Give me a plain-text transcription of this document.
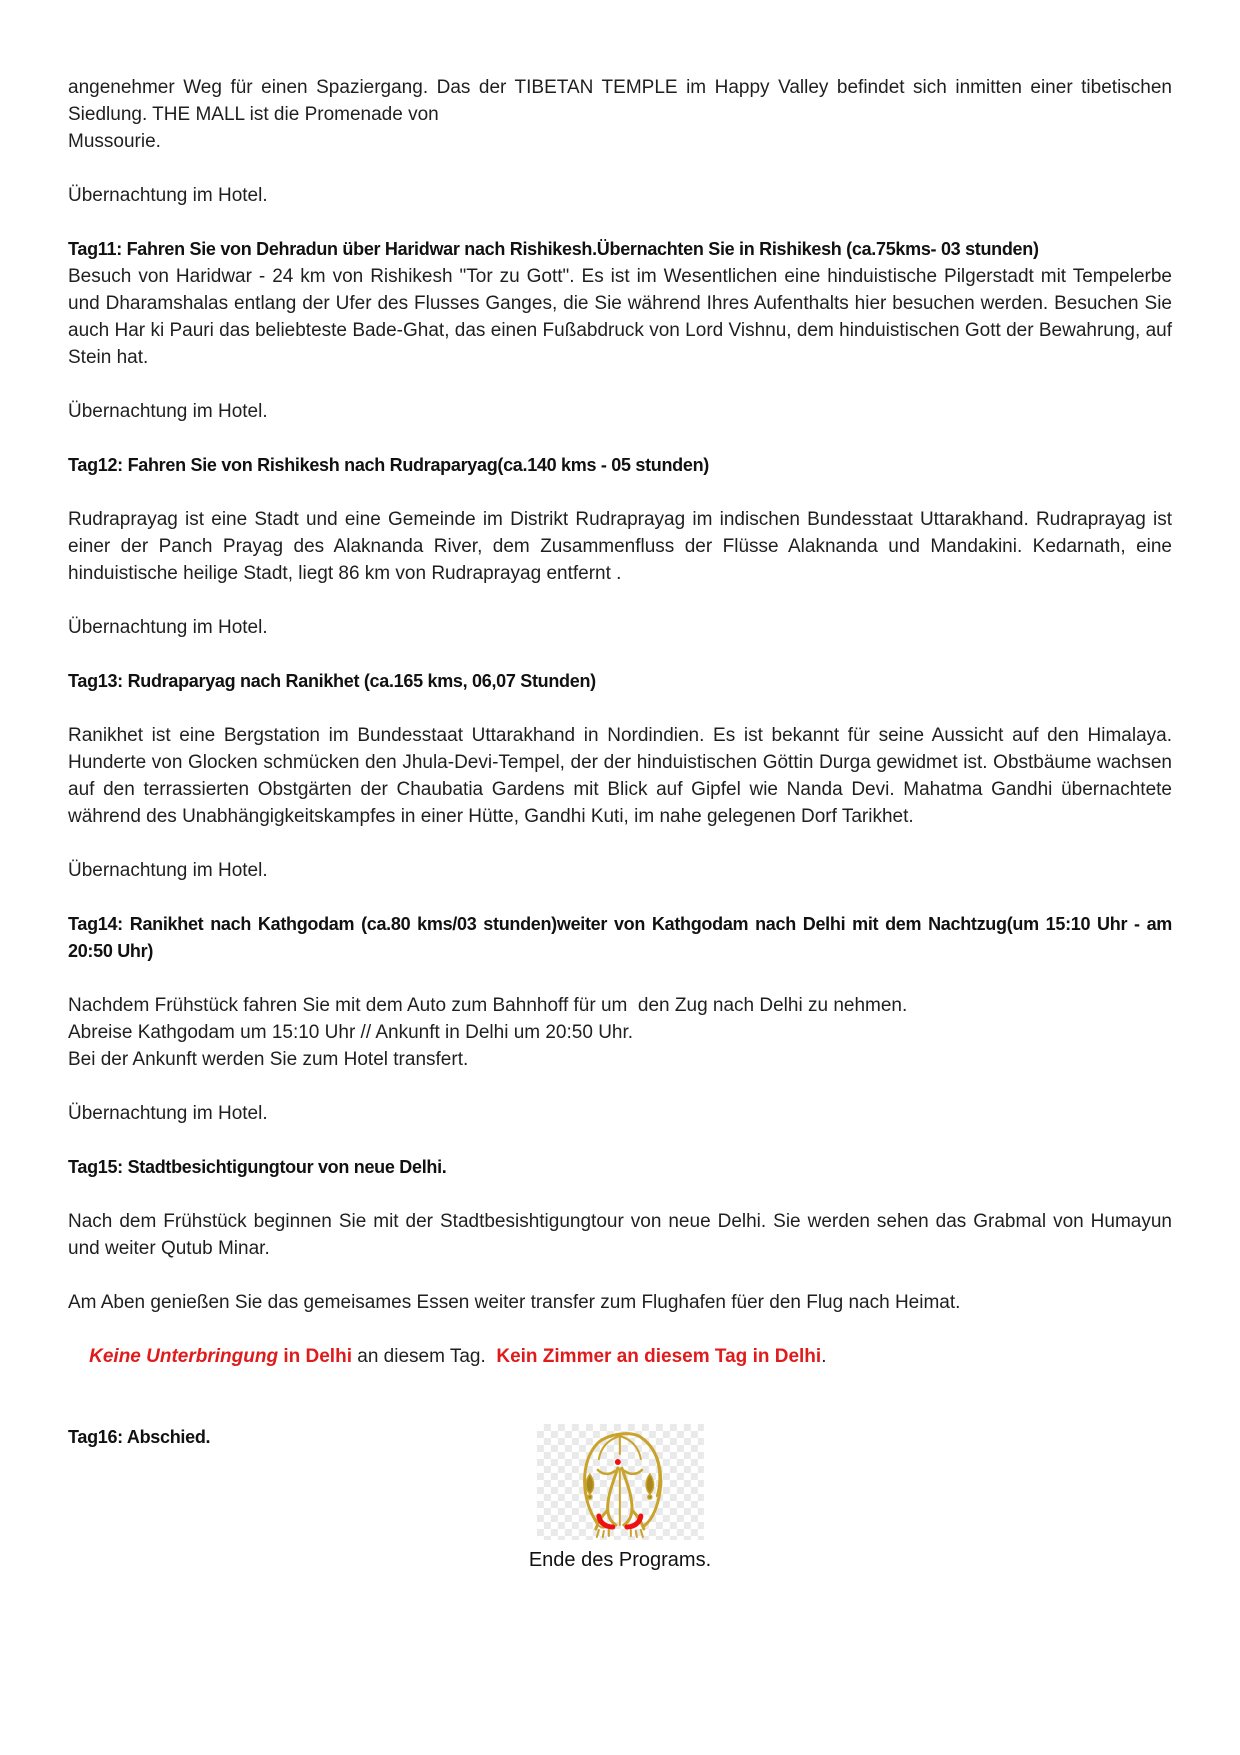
angenehmer Weg für einen Spaziergang. Das der TIBETAN TEMPLE im Happy Valley befindet sich inmitten einer tibetischen Siedlung. THE MALL ist die Promenade von
Mussourie.

Übernachtung im Hotel.

Tag11: Fahren Sie von Dehradun über Haridwar nach Rishikesh.Übernachten Sie in Rishikesh (ca.75kms- 03 stunden)

Besuch von Haridwar - 24 km von Rishikesh "Tor zu Gott". Es ist im Wesentlichen eine hinduistische Pilgerstadt mit Tempelerbe und Dharamshalas entlang der Ufer des Flusses Ganges, die Sie während Ihres Aufenthalts hier besuchen werden. Besuchen Sie auch Har ki Pauri das beliebteste Bade-Ghat, das einen Fußabdruck von Lord Vishnu, dem hinduistischen Gott der Bewahrung, auf Stein hat.

Übernachtung im Hotel.

Tag12: Fahren Sie von Rishikesh nach Rudraparyag(ca.140 kms - 05 stunden)

Rudraprayag ist eine Stadt und eine Gemeinde im Distrikt Rudraprayag im indischen Bundesstaat Uttarakhand. Rudraprayag ist einer der Panch Prayag des Alaknanda River, dem Zusammenfluss der Flüsse Alaknanda und Mandakini. Kedarnath, eine hinduistische heilige Stadt, liegt 86 km von Rudraprayag entfernt .

Übernachtung im Hotel.

Tag13: Rudraparyag nach Ranikhet (ca.165 kms, 06,07 Stunden)

Ranikhet ist eine Bergstation im Bundesstaat Uttarakhand in Nordindien. Es ist bekannt für seine Aussicht auf den Himalaya. Hunderte von Glocken schmücken den Jhula-Devi-Tempel, der der hinduistischen Göttin Durga gewidmet ist. Obstbäume wachsen auf den terrassierten Obstgärten der Chaubatia Gardens mit Blick auf Gipfel wie Nanda Devi. Mahatma Gandhi übernachtete während des Unabhängigkeitskampfes in einer Hütte, Gandhi Kuti, im nahe gelegenen Dorf Tarikhet.

Übernachtung im Hotel.

Tag14: Ranikhet nach Kathgodam (ca.80 kms/03 stunden)weiter von Kathgodam nach Delhi mit dem Nachtzug(um 15:10 Uhr - am 20:50 Uhr)
Nachdem Frühstück fahren Sie mit dem Auto zum Bahnhoff für um  den Zug nach Delhi zu nehmen.
Abreise Kathgodam um 15:10 Uhr // Ankunft in Delhi um 20:50 Uhr.
Bei der Ankunft werden Sie zum Hotel transfert.

Übernachtung im Hotel.

Tag15: Stadtbesichtigungtour von neue Delhi.

Nach dem Frühstück beginnen Sie mit der Stadtbesishtigungtour von neue Delhi. Sie werden sehen das Grabmal von Humayun und weiter Qutub Minar.

Am Aben genießen Sie das gemeisames Essen weiter transfer zum Flughafen füer den Flug nach Heimat.

Keine Unterbringung in Delhi an diesem Tag.  Kein Zimmer an diesem Tag in Delhi.

Tag16: Abschied.
Ende des Programs.
